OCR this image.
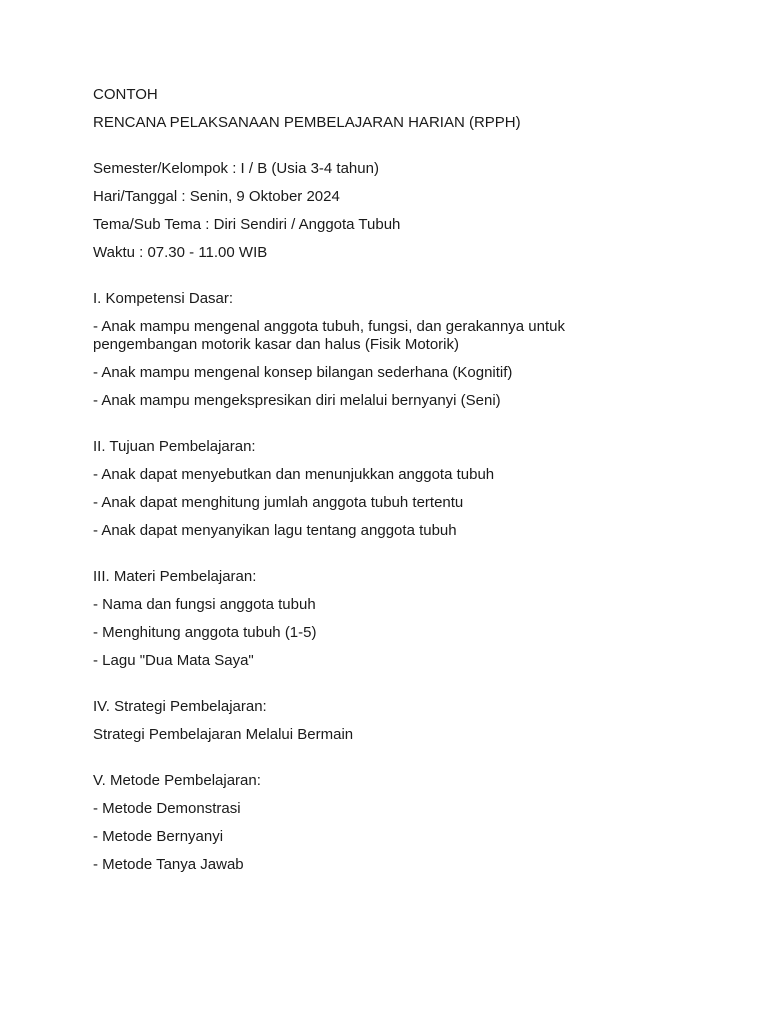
CONTOH
RENCANA PELAKSANAAN PEMBELAJARAN HARIAN (RPPH)
Semester/Kelompok : I / B (Usia 3-4 tahun)
Hari/Tanggal : Senin, 9 Oktober 2024
Tema/Sub Tema : Diri Sendiri / Anggota Tubuh
Waktu : 07.30 - 11.00 WIB
I. Kompetensi Dasar:
- Anak mampu mengenal anggota tubuh, fungsi, dan gerakannya untuk pengembangan motorik kasar dan halus (Fisik Motorik)
- Anak mampu mengenal konsep bilangan sederhana (Kognitif)
- Anak mampu mengekspresikan diri melalui bernyanyi (Seni)
II. Tujuan Pembelajaran:
- Anak dapat menyebutkan dan menunjukkan anggota tubuh
- Anak dapat menghitung jumlah anggota tubuh tertentu
- Anak dapat menyanyikan lagu tentang anggota tubuh
III. Materi Pembelajaran:
- Nama dan fungsi anggota tubuh
- Menghitung anggota tubuh (1-5)
- Lagu "Dua Mata Saya"
IV. Strategi Pembelajaran:
Strategi Pembelajaran Melalui Bermain
V. Metode Pembelajaran:
- Metode Demonstrasi
- Metode Bernyanyi
- Metode Tanya Jawab
